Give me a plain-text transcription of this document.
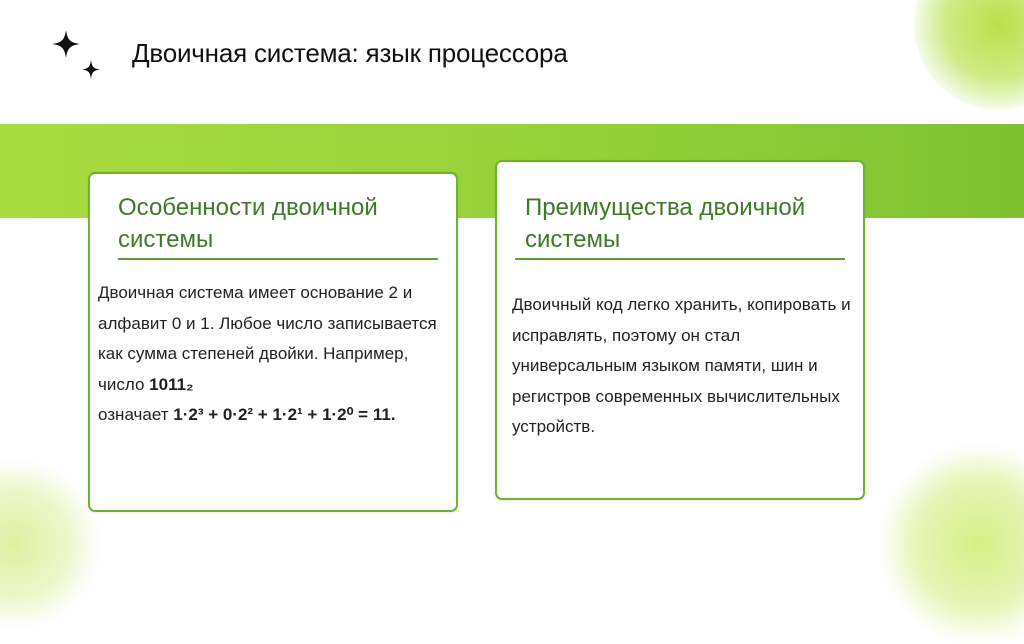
Двоичная система: язык процессора
Особенности двоичной системы

Двоичная система имеет основание 2 и алфавит 0 и 1. Любое число записывается как сумма степеней двойки. Например, число 1011₂
означает 1·2³ + 0·2² + 1·2¹ + 1·2⁰ = 11.

Преимущества двоичной системы

Двоичный код легко хранить, копировать и исправлять, поэтому он стал универсальным языком памяти, шин и регистров современных вычислительных устройств.
